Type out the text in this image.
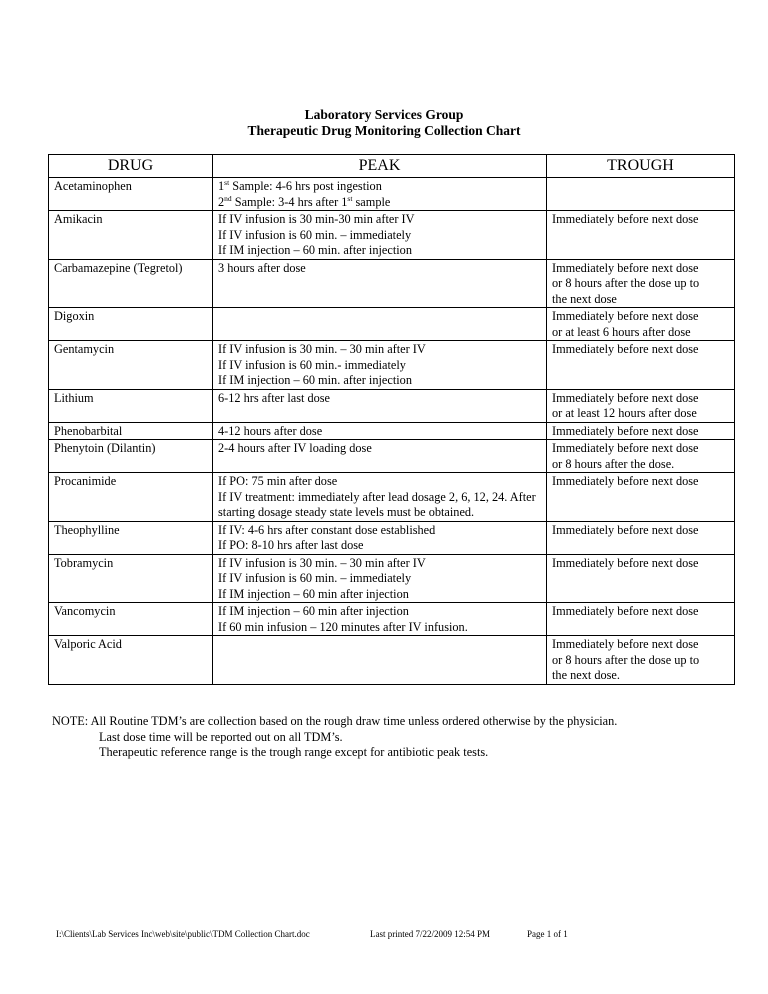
Laboratory Services Group
Therapeutic Drug Monitoring Collection Chart
DRUG	PEAK	TROUGH
Acetaminophen	1st Sample: 4-6 hrs post ingestion
2nd Sample: 3-4 hrs after 1st sample	

Amikacin	If IV infusion is 30 min-30 min after IV
If IV infusion is 60 min. – immediately
If IM injection – 60 min. after injection	Immediately before next dose

Carbamazepine (Tegretol)	3 hours after dose	Immediately before next dose
or 8 hours after the dose up to
the next dose

Digoxin		Immediately before next dose
or at least 6 hours after dose

Gentamycin	If IV infusion is 30 min. – 30 min after IV
If IV infusion is 60 min.- immediately
If IM injection – 60 min. after injection	Immediately before next dose

Lithium	6-12 hrs after last dose	Immediately before next dose
or at least 12 hours after dose

Phenobarbital	4-12 hours after dose	Immediately before next dose

Phenytoin (Dilantin)	2-4 hours after IV loading dose	Immediately before next dose
or 8 hours after the dose.

Procanimide	If PO: 75 min after dose
If IV treatment: immediately after lead dosage 2, 6, 12, 24. After starting dosage steady state levels must be obtained.	Immediately before next dose

Theophylline	If IV: 4-6 hrs after constant dose established
If PO: 8-10 hrs after last dose	Immediately before next dose

Tobramycin	If IV infusion is 30 min. – 30 min after IV
If IV infusion is 60 min. – immediately
If IM injection – 60 min after injection	Immediately before next dose

Vancomycin	If IM injection – 60 min after injection
If 60 min infusion – 120 minutes after IV infusion.	Immediately before next dose

Valporic Acid		Immediately before next dose
or 8 hours after the dose up to
the next dose.
NOTE: All Routine TDM’s are collection based on the rough draw time unless ordered otherwise by the physician.
Last dose time will be reported out on all TDM’s.
Therapeutic reference range is the trough range except for antibiotic peak tests.
I:\Clients\Lab Services Inc\web\site\public\TDM Collection Chart.doc	Last printed 7/22/2009 12:54 PM	Page 1 of 1
